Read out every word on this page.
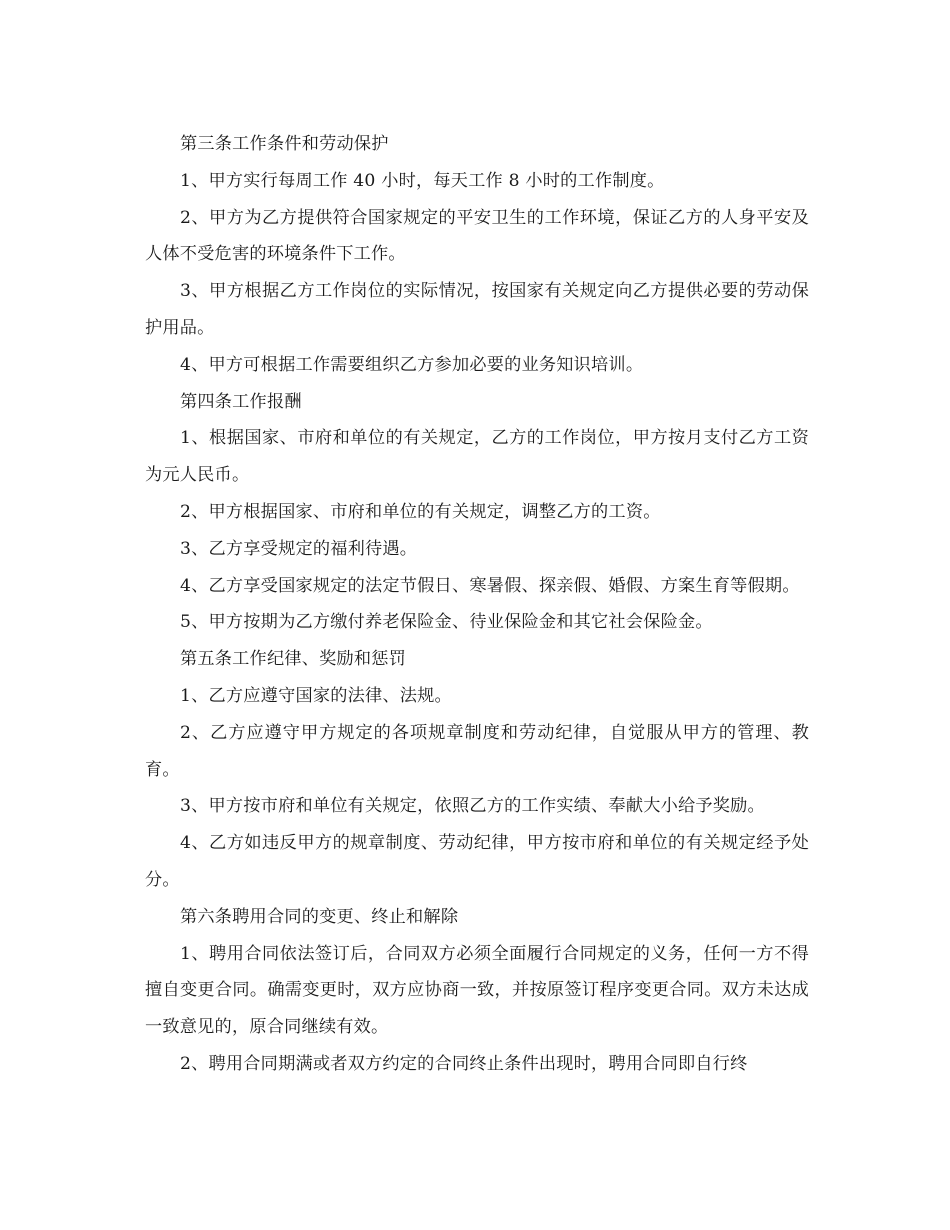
第三条工作条件和劳动保护

1、甲方实行每周工作 40 小时，每天工作 8 小时的工作制度。

2、甲方为乙方提供符合国家规定的平安卫生的工作环境，保证乙方的人身平安及人体不受危害的环境条件下工作。

3、甲方根据乙方工作岗位的实际情况，按国家有关规定向乙方提供必要的劳动保护用品。

4、甲方可根据工作需要组织乙方参加必要的业务知识培训。

第四条工作报酬

1、根据国家、市府和单位的有关规定，乙方的工作岗位，甲方按月支付乙方工资为元人民币。

2、甲方根据国家、市府和单位的有关规定，调整乙方的工资。

3、乙方享受规定的福利待遇。

4、乙方享受国家规定的法定节假日、寒暑假、探亲假、婚假、方案生育等假期。

5、甲方按期为乙方缴付养老保险金、待业保险金和其它社会保险金。

第五条工作纪律、奖励和惩罚

1、乙方应遵守国家的法律、法规。

2、乙方应遵守甲方规定的各项规章制度和劳动纪律，自觉服从甲方的管理、教育。

3、甲方按市府和单位有关规定，依照乙方的工作实绩、奉献大小给予奖励。

4、乙方如违反甲方的规章制度、劳动纪律，甲方按市府和单位的有关规定经予处分。

第六条聘用合同的变更、终止和解除

1、聘用合同依法签订后，合同双方必须全面履行合同规定的义务，任何一方不得擅自变更合同。确需变更时，双方应协商一致，并按原签订程序变更合同。双方未达成一致意见的，原合同继续有效。

2、聘用合同期满或者双方约定的合同终止条件出现时，聘用合同即自行终
